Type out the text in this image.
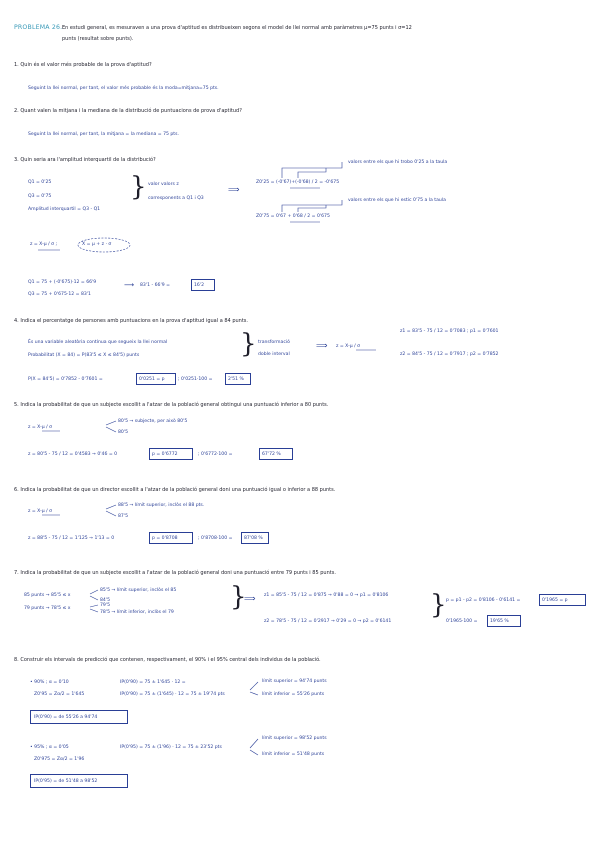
PROBLEMA 26. En estudi general, es mesuraven a una prova d'aptitud es distribueixen segons el model de llei normal amb paràmetres μ=75 punts i σ=12
punts (resultat sobre punts).
1. Quin és el valor més probable de la prova d'aptitud?
Seguint la llei normal, per tant, el valor més probable és la moda=mitjana=75 pts.
2. Quant valen la mitjana i la mediana de la distribució de puntuacions de prova d'aptitud?
Seguint la llei normal, per tant, la mitjana = la mediana = 75 pts.
3. Quin seria ara l'amplitud interquartil de la distribució?	valors entre els que hi trobo 0'25 a la taula
Z0'25 = (-0'67)+(-0'68) / 2 = -0'675
valors entre els que hi estic 0'75 a la taula
Z0'75 = 0'67 + 0'68 / 2 = 0'675
Q1 = 0'25
Q3 = 0'75
Amplitud interquartil = Q3 - Q1
} valor valors z
corresponents a Q1 i Q3
⟹
z = X-μ / σ ;	X = μ + z · σ
Q1 = 75 + (-0'675)·12 = 66'9
Q3 = 75 + 0'675·12 = 83'1
⟶ 83'1 - 66'9 =	16'2
4. Indica el percentatge de persones amb puntuacions en la prova d'aptitud igual a 84 punts.
És una variable aleatòria contínua que segueix la llei normal
Probabilitat (X = 84) = P(83'5 ≤ X ≤ 84'5) punts	} transformació
doble interval
⟹ z = X-μ / σ
z1 = 83'5 - 75 / 12 = 0'7083 ; p1 = 0'7601
z2 = 84'5 - 75 / 12 = 0'7917 ; p2 = 0'7852
P(X = 84'5) = 0'7852 - 0'7601 =	0'0251 = p	; 0'0251·100 =	2'51 %
5. Indica la probabilitat de que un subjecte escollit a l'atzar de la població general obtingui una puntuació inferior a 80 punts.
z = X-μ / σ
80'5 → subjecte, per això 80'5
80'5
z = 80'5 - 75 / 12 = 0'4583 → 0'46 = 0	p = 0'6772	; 0'6772·100 =	67'72 %
6. Indica la probabilitat de que un director escollit a l'atzar de la població general doni una puntuació igual o inferior a 88 punts.
z = X-μ / σ
88'5 → límit superior, inclòs el 88 pts.
87'5
z = 88'5 - 75 / 12 = 1'125 → 1'13 = 0	p = 0'8708	; 0'8708·100 =	87'08 %
7. Indica la probabilitat de que un subjecte escollit a l'atzar de la població general doni una puntuació entre 79 punts i 85 punts.
85 punts → 85'5 ≤ x
79 punts → 78'5 ≤ x
85'5 → límit superior, inclòs el 85
84'5
79'5
78'5 → límit inferior, inclòs el 79
}
⟹ z1 = 85'5 - 75 / 12 = 0'875 → 0'88 = 0 → p1 = 0'8106
z2 = 78'5 - 75 / 12 = 0'2917 → 0'29 = 0 → p2 = 0'6141
} p = p1 - p2 = 0'8106 - 0'6141 =	0'1965 = p
0'1965·100 =	19'65 %
8. Construir els intervals de predicció que contenen, respectivament, el 90% i el 95% central dels individus de la població.
• 90% ; α = 0'10
Z0'95 = Zα/2 = 1'645
IP(0'90) = 75 ± 1'645 · 12 =
IP(0'90) = 75 ± (1'645) · 12 = 75 ± 19'74 pts
límit superior = 94'74 punts
límit inferior = 55'26 punts
IP(0'90) = de 55'26 a 94'74
• 95% ; α = 0'05
Z0'975 = Zα/2 = 1'96
IP(0'95) = 75 ± (1'96) · 12 = 75 ± 23'52 pts
límit superior = 98'52 punts
límit inferior = 51'48 punts
IP(0'95) = de 51'48 a 98'52
